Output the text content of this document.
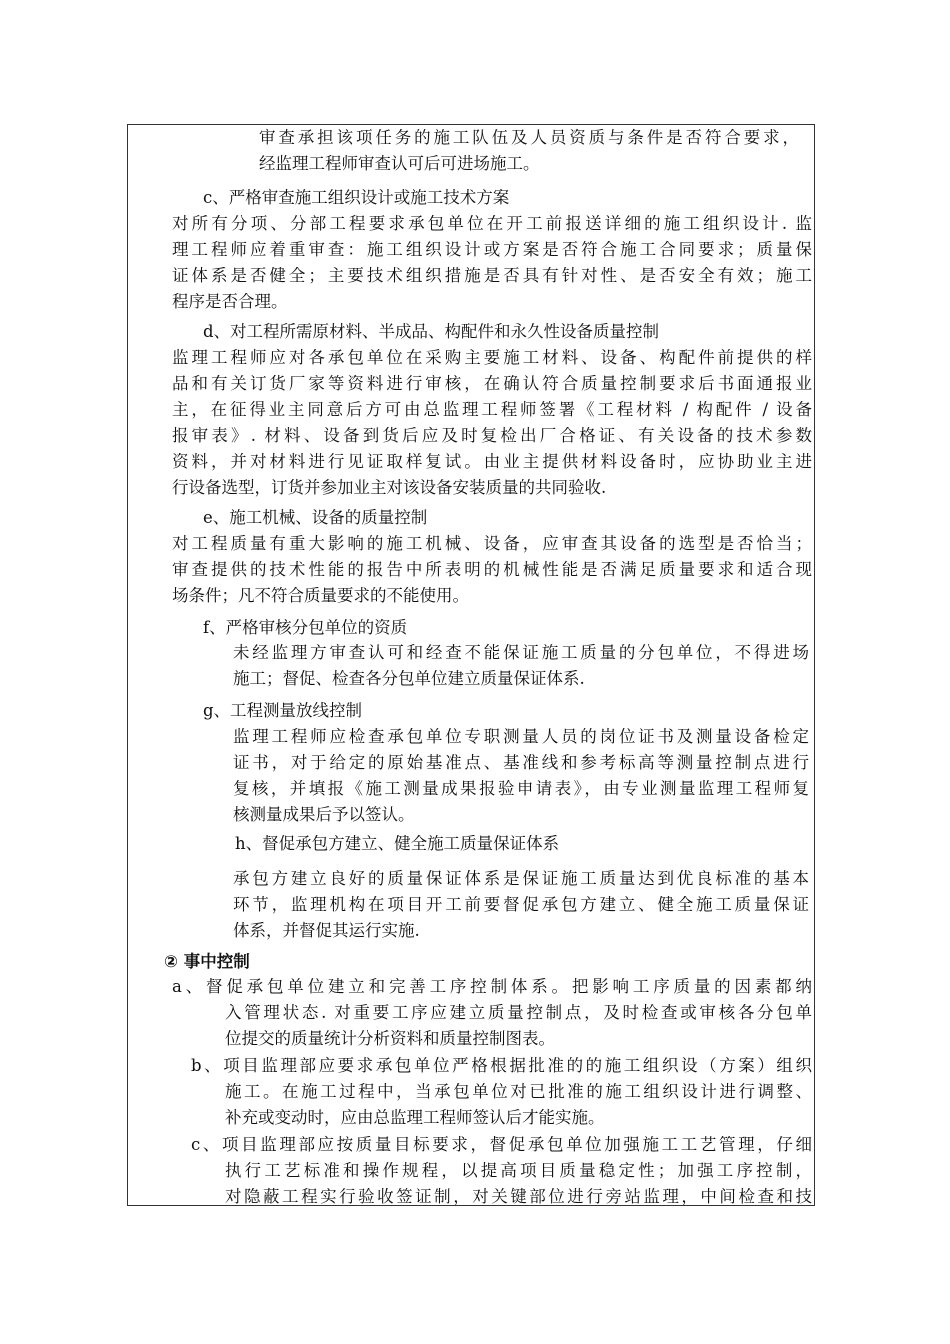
审查承担该项任务的施工队伍及人员资质与条件是否符合要求，
经监理工程师审查认可后可进场施工。
c、严格审查施工组织设计或施工技术方案
对所有分项、分部工程要求承包单位在开工前报送详细的施工组织设计. 监
理工程师应着重审查：施工组织设计或方案是否符合施工合同要求；质量保
证体系是否健全；主要技术组织措施是否具有针对性、是否安全有效；施工
程序是否合理。
d、对工程所需原材料、半成品、构配件和永久性设备质量控制
监理工程师应对各承包单位在采购主要施工材料、设备、构配件前提供的样
品和有关订货厂家等资料进行审核，在确认符合质量控制要求后书面通报业
主，在征得业主同意后方可由总监理工程师签署《工程材料 / 构配件 / 设备
报审表》. 材料、设备到货后应及时复检出厂合格证、有关设备的技术参数
资料，并对材料进行见证取样复试。由业主提供材料设备时，应协助业主进
行设备选型，订货并参加业主对该设备安装质量的共同验收.
e、施工机械、设备的质量控制
对工程质量有重大影响的施工机械、设备，应审查其设备的选型是否恰当；
审查提供的技术性能的报告中所表明的机械性能是否满足质量要求和适合现
场条件；凡不符合质量要求的不能使用。
f、严格审核分包单位的资质
未经监理方审查认可和经查不能保证施工质量的分包单位，不得进场
施工；督促、检查各分包单位建立质量保证体系.
g、工程测量放线控制
监理工程师应检查承包单位专职测量人员的岗位证书及测量设备检定
证书，对于给定的原始基准点、基准线和参考标高等测量控制点进行
复核，并填报《施工测量成果报验申请表》，由专业测量监理工程师复
核测量成果后予以签认。
h、督促承包方建立、健全施工质量保证体系
承包方建立良好的质量保证体系是保证施工质量达到优良标准的基本
环节，监理机构在项目开工前要督促承包方建立、健全施工质量保证
体系，并督促其运行实施.
② 事中控制
a、督促承包单位建立和完善工序控制体系。把影响工序质量的因素都纳
入管理状态. 对重要工序应建立质量控制点，及时检查或审核各分包单
位提交的质量统计分析资料和质量控制图表。
b、项目监理部应要求承包单位严格根据批准的的施工组织设（方案）组织
施工。在施工过程中，当承包单位对已批准的施工组织设计进行调整、
补充或变动时，应由总监理工程师签认后才能实施。
c、项目监理部应按质量目标要求，督促承包单位加强施工工艺管理，仔细
执行工艺标准和操作规程，以提高项目质量稳定性；加强工序控制，
对隐蔽工程实行验收签证制，对关键部位进行旁站监理，中间检查和技
